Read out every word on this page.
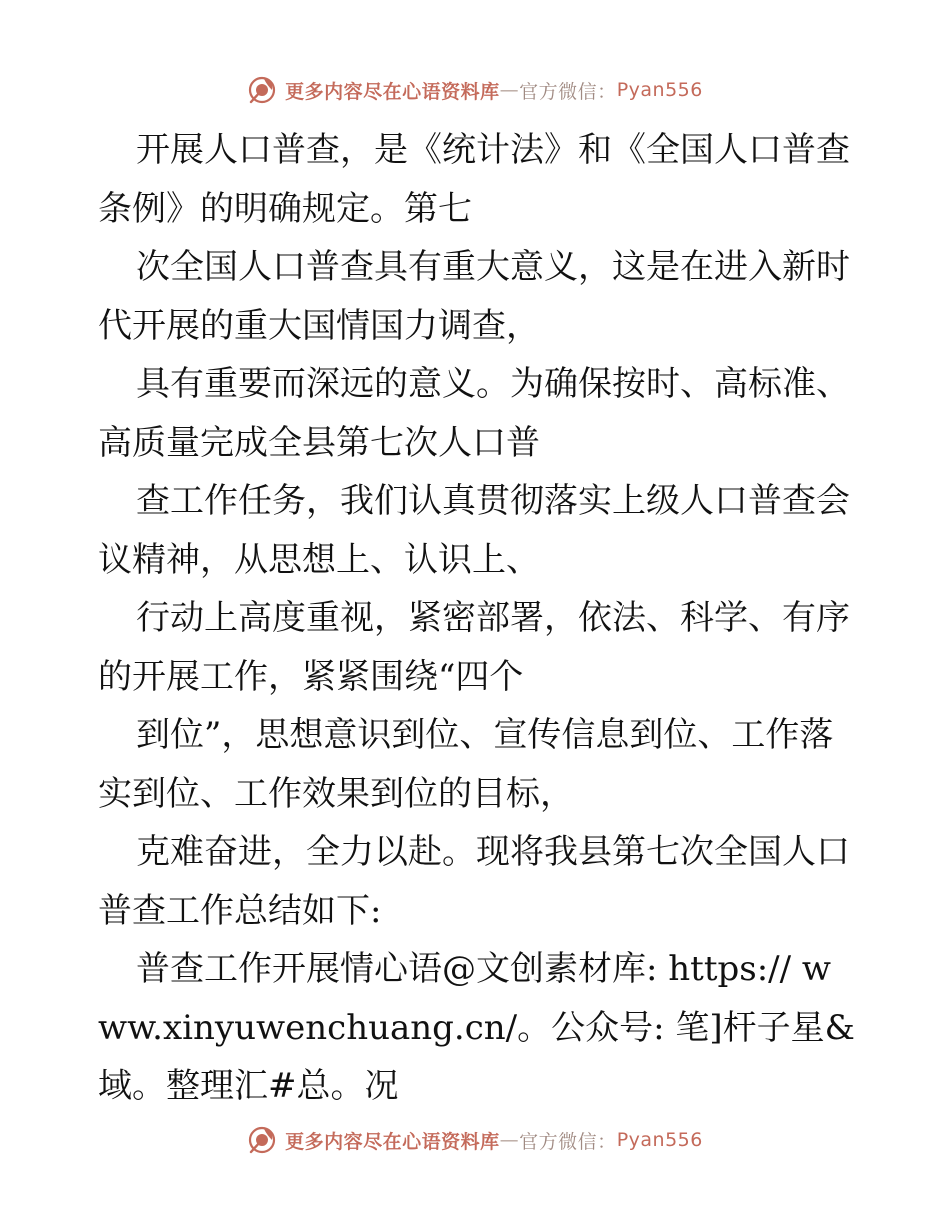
更多内容尽在心语资料库 — 官方微信： Pyan556

开展人口普查，是《统计法》和《全国人口普查条例》的明确规定。第七

次全国人口普查具有重大意义，这是在进入新时代开展的重大国情国力调查，

具有重要而深远的意义。为确保按时、高标准、高质量完成全县第七次人口普

查工作任务，我们认真贯彻落实上级人口普查会议精神，从思想上、认识上、

行动上高度重视，紧密部署，依法、科学、有序的开展工作，紧紧围绕“四个

到位”，思想意识到位、宣传信息到位、工作落实到位、工作效果到位的目标，

克难奋进，全力以赴。现将我县第七次全国人口普查工作总结如下:

普查工作开展情心语@文创素材库: https:// www.xinyuwenchuang.cn/。公众号: 笔]杆子星&域。整理汇#总。况

更多内容尽在心语资料库 — 官方微信： Pyan556
